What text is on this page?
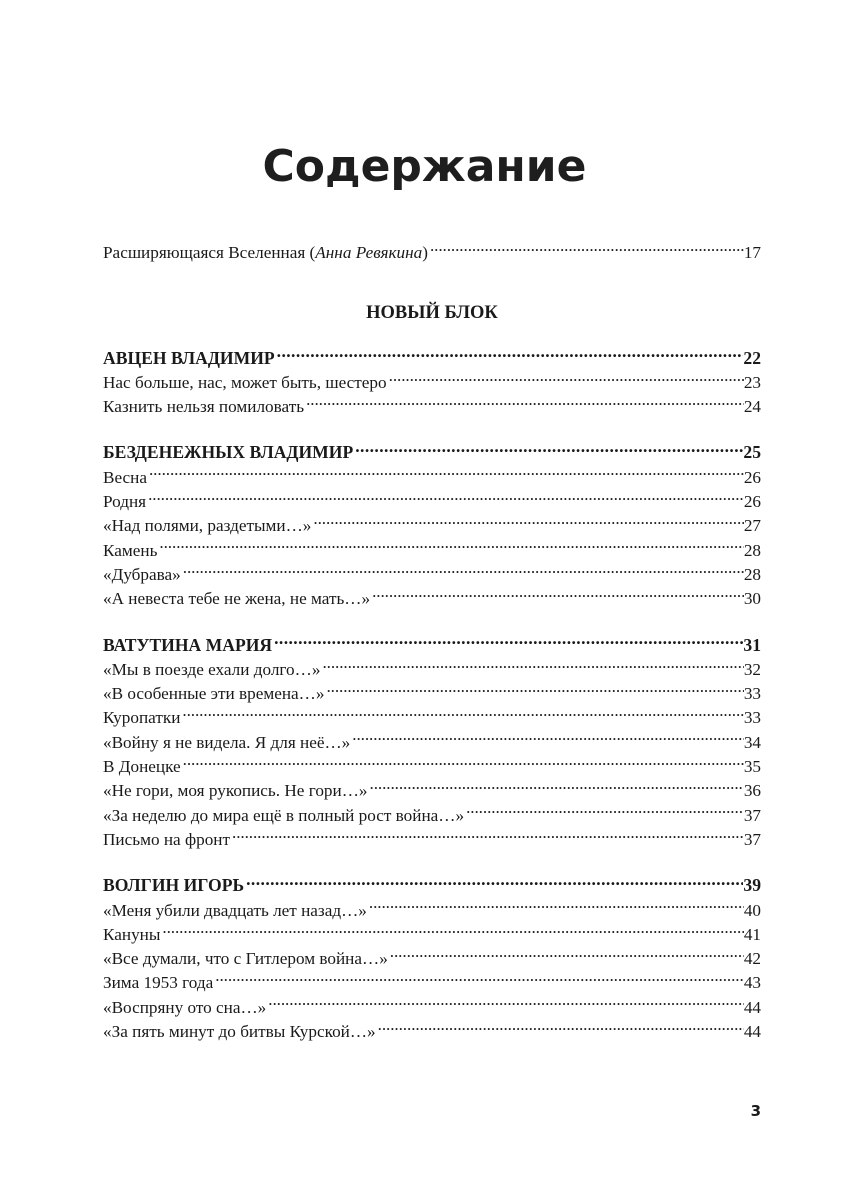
Содержание
Расширяющаяся Вселенная (Анна Ревякина) . . .	17
НОВЫЙ БЛОК
АВЦЕН ВЛАДИМИР . . .	22
Нас больше, нас, может быть, шестеро . . .	23
Казнить нельзя помиловать . . .	24
БЕЗДЕНЕЖНЫХ ВЛАДИМИР . . .	25
Весна . . .	26
Родня . . .	26
«Над полями, раздетыми…» . . .	27
Камень . . .	28
«Дубрава» . . .	28
«А невеста тебе не жена, не мать…» . . .	30
ВАТУТИНА МАРИЯ . . .	31
«Мы в поезде ехали долго…» . . .	32
«В особенные эти времена…» . . .	33
Куропатки . . .	33
«Войну я не видела. Я для неё…» . . .	34
В Донецке . . .	35
«Не гори, моя рукопись. Не гори…» . . .	36
«За неделю до мира ещё в полный рост война…» . . .	37
Письмо на фронт . . .	37
ВОЛГИН ИГОРЬ . . .	39
«Меня убили двадцать лет назад…» . . .	40
Кануны . . .	41
«Все думали, что с Гитлером война…» . . .	42
Зима 1953 года . . .	43
«Воспряну ото сна…» . . .	44
«За пять минут до битвы Курской…» . . .	44
3
